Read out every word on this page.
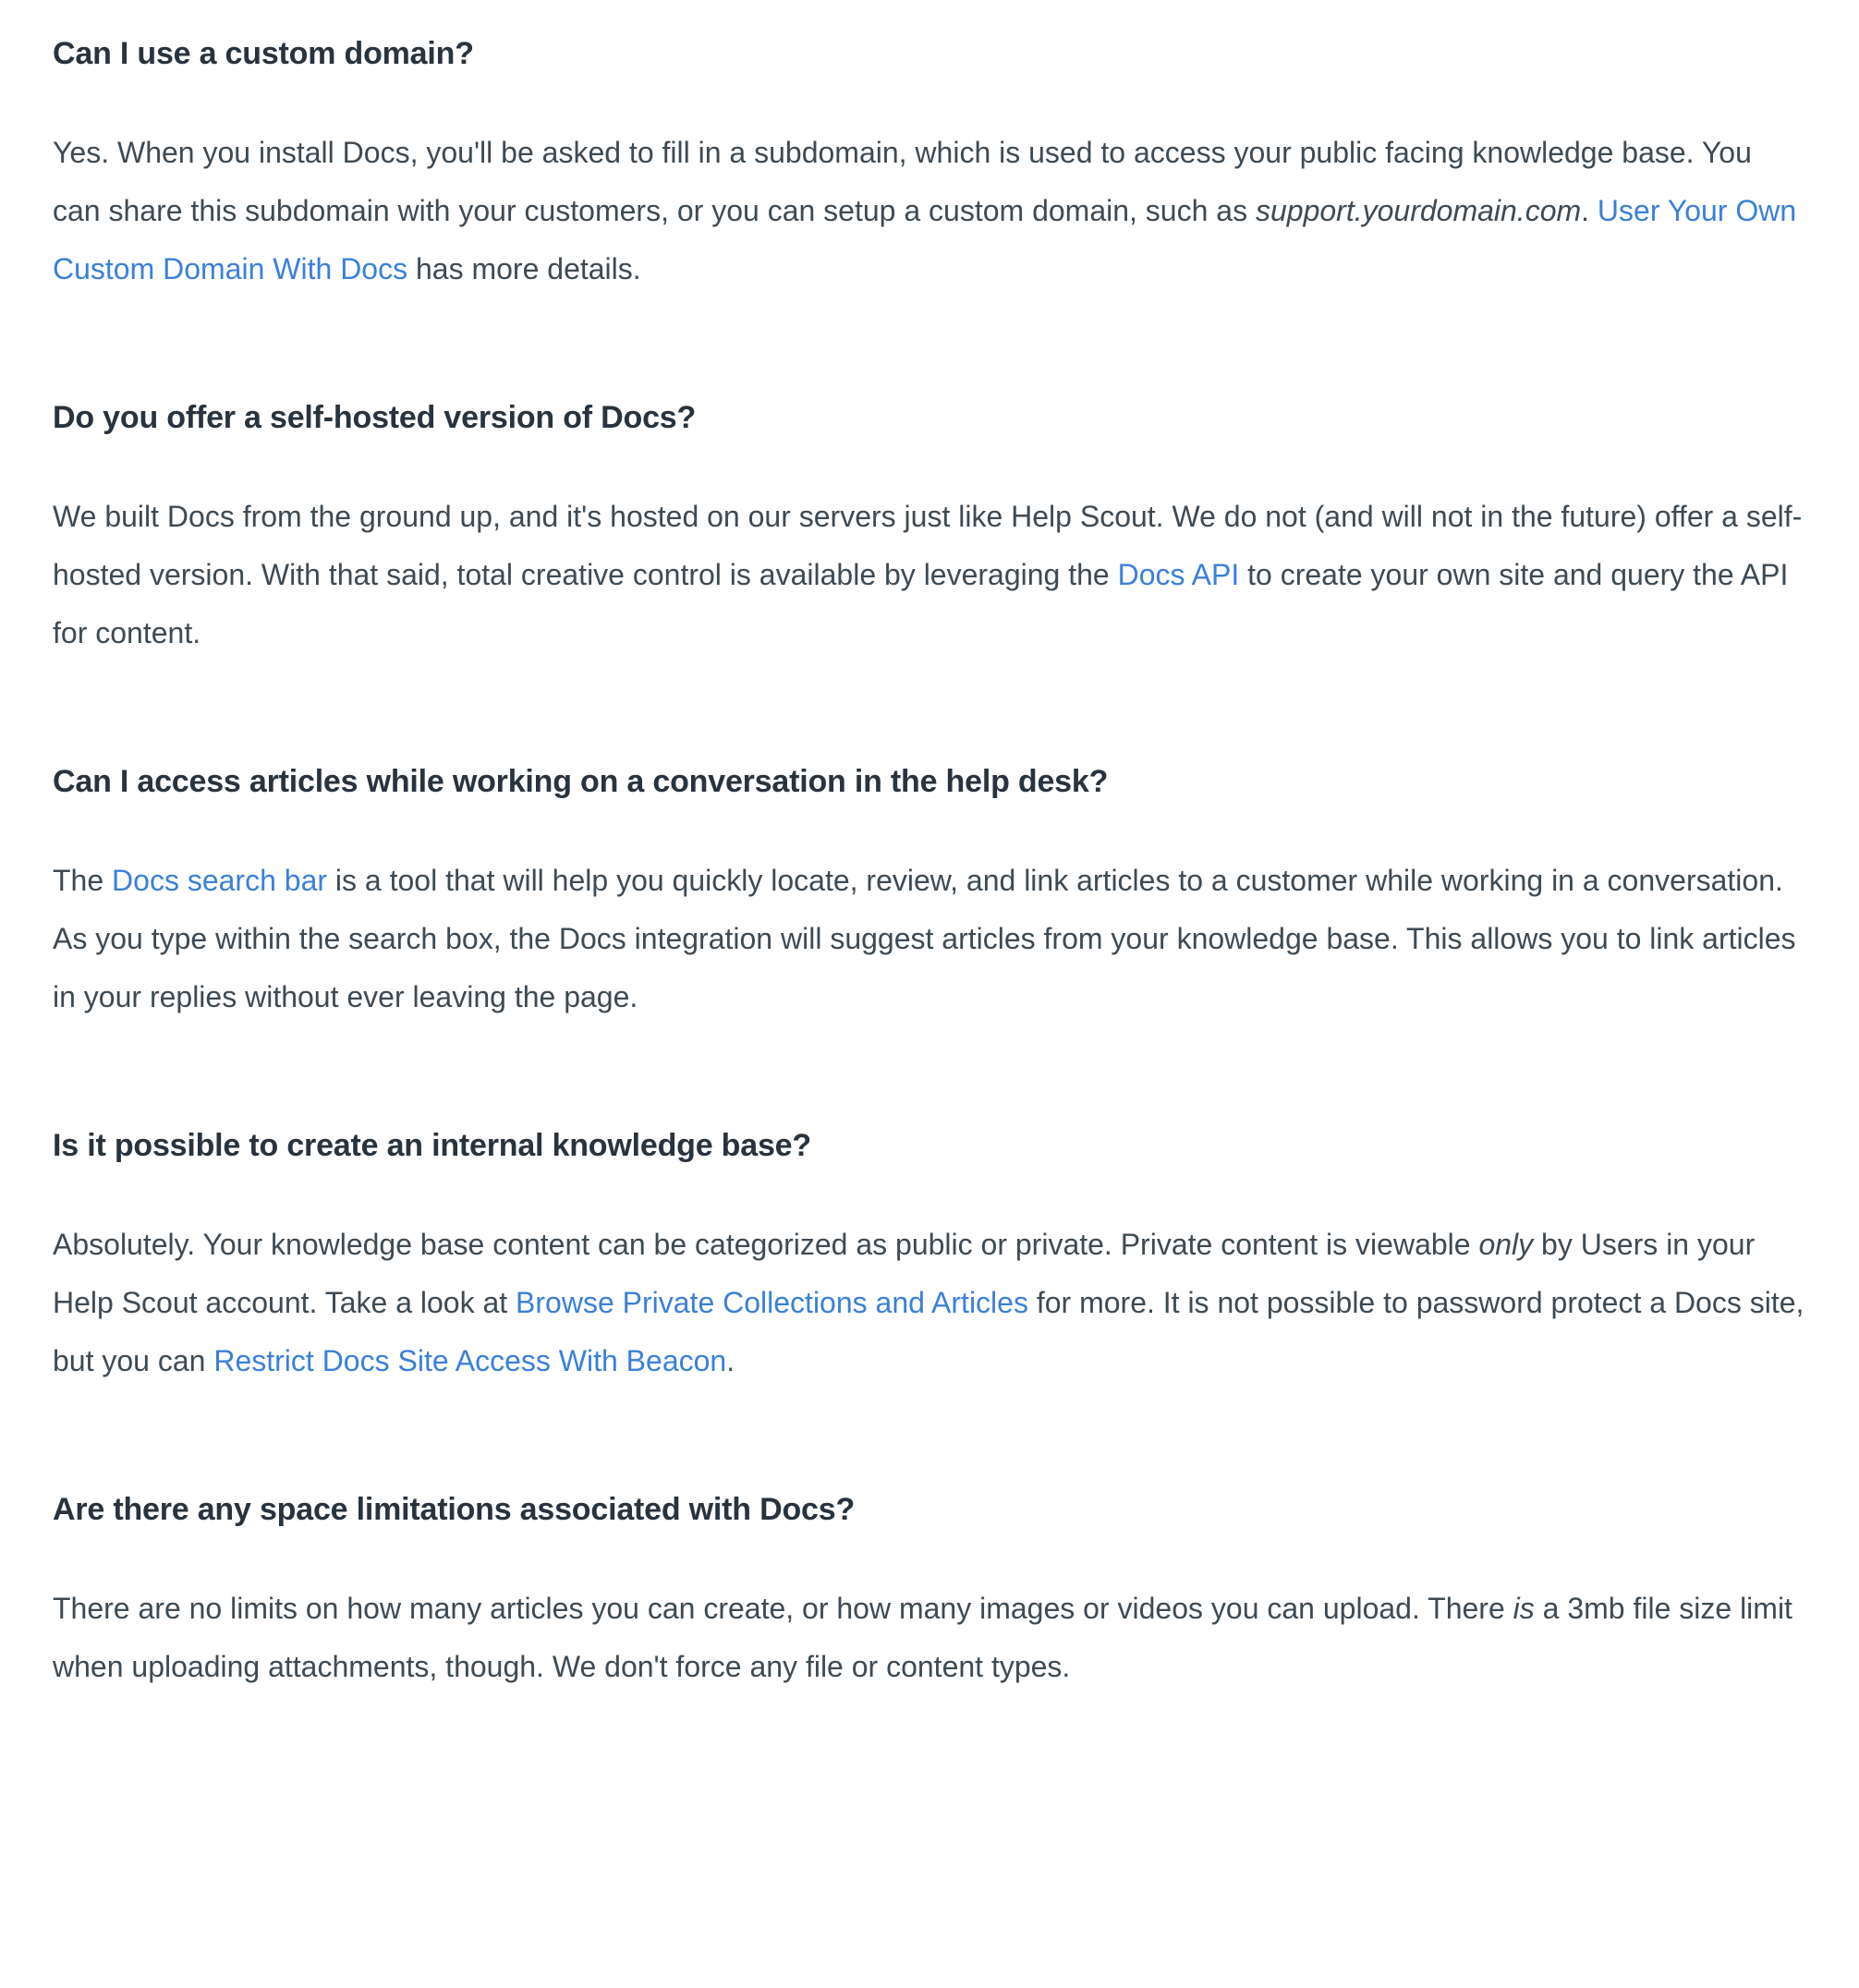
Can I use a custom domain?

Yes. When you install Docs, you'll be asked to fill in a subdomain, which is used to access your public facing knowledge base. You can share this subdomain with your customers, or you can setup a custom domain, such as support.yourdomain.com. User Your Own Custom Domain With Docs has more details.

Do you offer a self-hosted version of Docs?

We built Docs from the ground up, and it's hosted on our servers just like Help Scout. We do not (and will not in the future) offer a self-hosted version. With that said, total creative control is available by leveraging the Docs API to create your own site and query the API for content.

Can I access articles while working on a conversation in the help desk?

The Docs search bar is a tool that will help you quickly locate, review, and link articles to a customer while working in a conversation. As you type within the search box, the Docs integration will suggest articles from your knowledge base. This allows you to link articles in your replies without ever leaving the page.

Is it possible to create an internal knowledge base?

Absolutely. Your knowledge base content can be categorized as public or private. Private content is viewable only by Users in your Help Scout account. Take a look at Browse Private Collections and Articles for more. It is not possible to password protect a Docs site, but you can Restrict Docs Site Access With Beacon.

Are there any space limitations associated with Docs?

There are no limits on how many articles you can create, or how many images or videos you can upload. There is a 3mb file size limit when uploading attachments, though. We don't force any file or content types.
